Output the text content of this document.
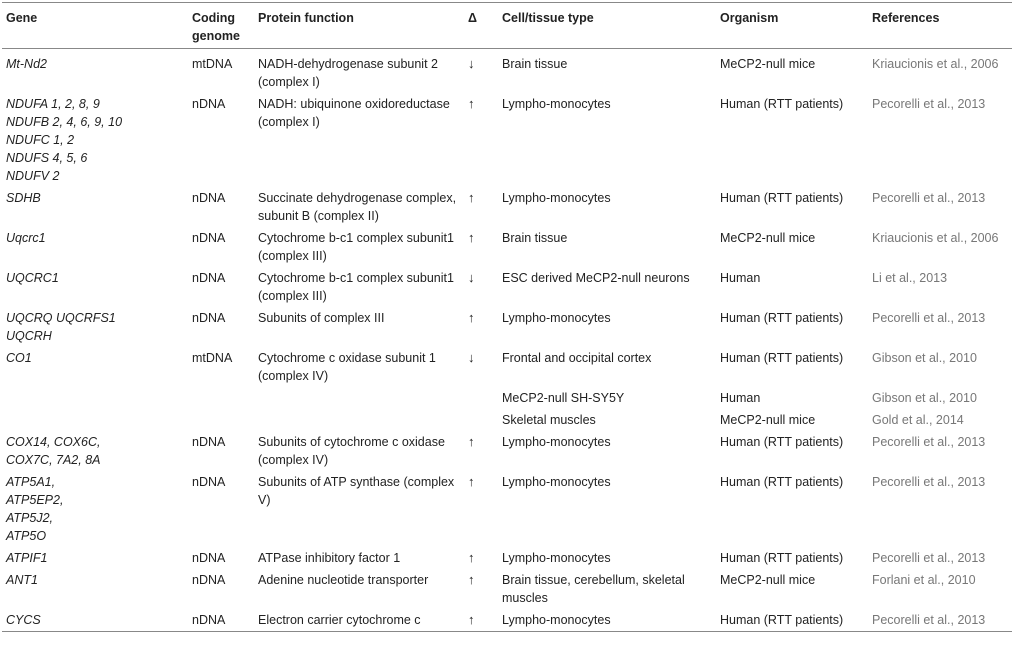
Gene	Coding genome	Protein function	Δ	Cell/tissue type	Organism	References

Mt-Nd2	mtDNA	NADH-dehydrogenase subunit 2 (complex I)	↓	Brain tissue	MeCP2-null mice	Kriaucionis et al., 2006

NDUFA 1, 2, 8, 9
NDUFB 2, 4, 6, 9, 10
NDUFC 1, 2
NDUFS 4, 5, 6
NDUFV 2	nDNA	NADH: ubiquinone oxidoreductase (complex I)	↑	Lympho-monocytes	Human (RTT patients)	Pecorelli et al., 2013

SDHB	nDNA	Succinate dehydrogenase complex, subunit B (complex II)	↑	Lympho-monocytes	Human (RTT patients)	Pecorelli et al., 2013

Uqcrc1	nDNA	Cytochrome b-c1 complex subunit1 (complex III)	↑	Brain tissue	MeCP2-null mice	Kriaucionis et al., 2006

UQCRC1	nDNA	Cytochrome b-c1 complex subunit1 (complex III)	↓	ESC derived MeCP2-null neurons	Human	Li et al., 2013

UQCRQ UQCRFS1
UQCRH	nDNA	Subunits of complex III	↑	Lympho-monocytes	Human (RTT patients)	Pecorelli et al., 2013

CO1	mtDNA	Cytochrome c oxidase subunit 1 (complex IV)	↓	Frontal and occipital cortex	Human (RTT patients)	Gibson et al., 2010
				MeCP2-null SH-SY5Y	Human	Gibson et al., 2010
				Skeletal muscles	MeCP2-null mice	Gold et al., 2014

COX14, COX6C,
COX7C, 7A2, 8A	nDNA	Subunits of cytochrome c oxidase (complex IV)	↑	Lympho-monocytes	Human (RTT patients)	Pecorelli et al., 2013

ATP5A1,
ATP5EP2,
ATP5J2,
ATP5O	nDNA	Subunits of ATP synthase (complex V)	↑	Lympho-monocytes	Human (RTT patients)	Pecorelli et al., 2013

ATPIF1	nDNA	ATPase inhibitory factor 1	↑	Lympho-monocytes	Human (RTT patients)	Pecorelli et al., 2013

ANT1	nDNA	Adenine nucleotide transporter	↑	Brain tissue, cerebellum, skeletal muscles	MeCP2-null mice	Forlani et al., 2010

CYCS	nDNA	Electron carrier cytochrome c	↑	Lympho-monocytes	Human (RTT patients)	Pecorelli et al., 2013
